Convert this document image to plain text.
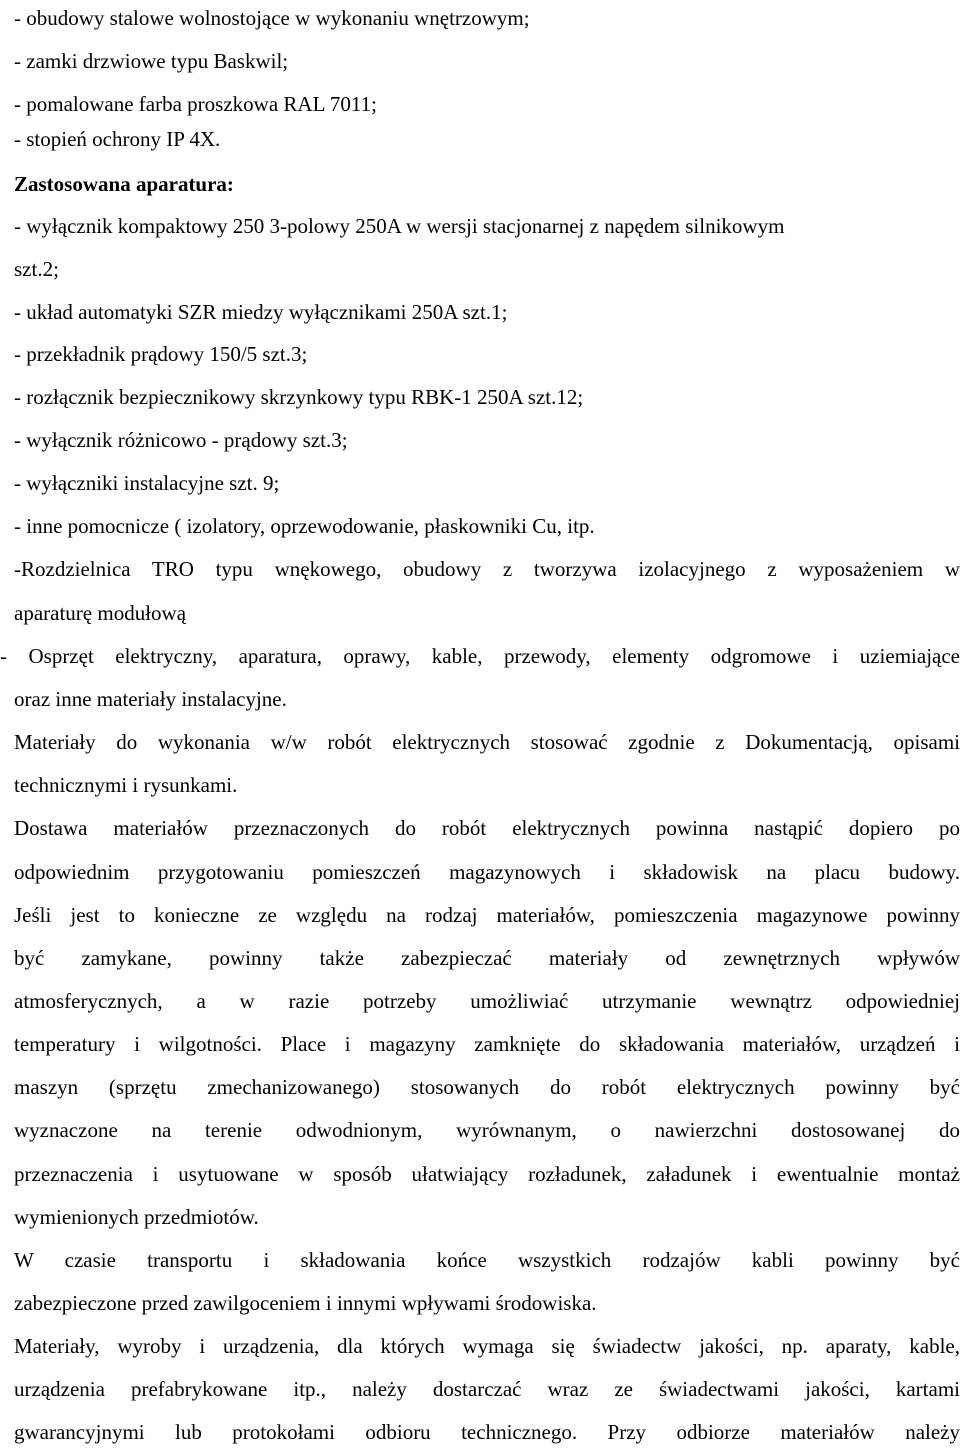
- obudowy stalowe wolnostojące w wykonaniu wnętrzowym;
- zamki drzwiowe typu Baskwil;
- pomalowane farba proszkowa RAL 7011;
- stopień ochrony IP 4X.
Zastosowana aparatura:
- wyłącznik kompaktowy 250 3-polowy 250A w wersji stacjonarnej z napędem silnikowym
szt.2;
- układ automatyki SZR miedzy wyłącznikami 250A szt.1;
- przekładnik prądowy 150/5 szt.3;
- rozłącznik bezpiecznikowy skrzynkowy typu RBK-1 250A szt.12;
- wyłącznik różnicowo - prądowy szt.3;
- wyłączniki instalacyjne szt. 9;
- inne pomocnicze ( izolatory, oprzewodowanie, płaskowniki Cu, itp.
-Rozdzielnica TRO typu wnękowego, obudowy z tworzywa izolacyjnego z wyposażeniem w
aparaturę modułową
- Osprzęt elektryczny, aparatura, oprawy, kable, przewody, elementy odgromowe i uziemiające
oraz inne materiały instalacyjne.
Materiały do wykonania w/w robót elektrycznych stosować zgodnie z Dokumentacją, opisami
technicznymi i rysunkami.
Dostawa materiałów przeznaczonych do robót elektrycznych powinna nastąpić dopiero po
odpowiednim przygotowaniu pomieszczeń magazynowych i składowisk na placu budowy.
Jeśli jest to konieczne ze względu na rodzaj materiałów, pomieszczenia magazynowe powinny
być zamykane, powinny także zabezpieczać materiały od zewnętrznych wpływów
atmosferycznych, a w razie potrzeby umożliwiać utrzymanie wewnątrz odpowiedniej
temperatury i wilgotności. Place i magazyny zamknięte do składowania materiałów, urządzeń i
maszyn (sprzętu zmechanizowanego) stosowanych do robót elektrycznych powinny być
wyznaczone na terenie odwodnionym, wyrównanym, o nawierzchni dostosowanej do
przeznaczenia i usytuowane w sposób ułatwiający rozładunek, załadunek i ewentualnie montaż
wymienionych przedmiotów.
W czasie transportu i składowania końce wszystkich rodzajów kabli powinny być
zabezpieczone przed zawilgoceniem i innymi wpływami środowiska.
Materiały, wyroby i urządzenia, dla których wymaga się świadectw jakości, np. aparaty, kable,
urządzenia prefabrykowane itp., należy dostarczać wraz ze świadectwami jakości, kartami
gwarancyjnymi lub protokołami odbioru technicznego. Przy odbiorze materiałów należy
